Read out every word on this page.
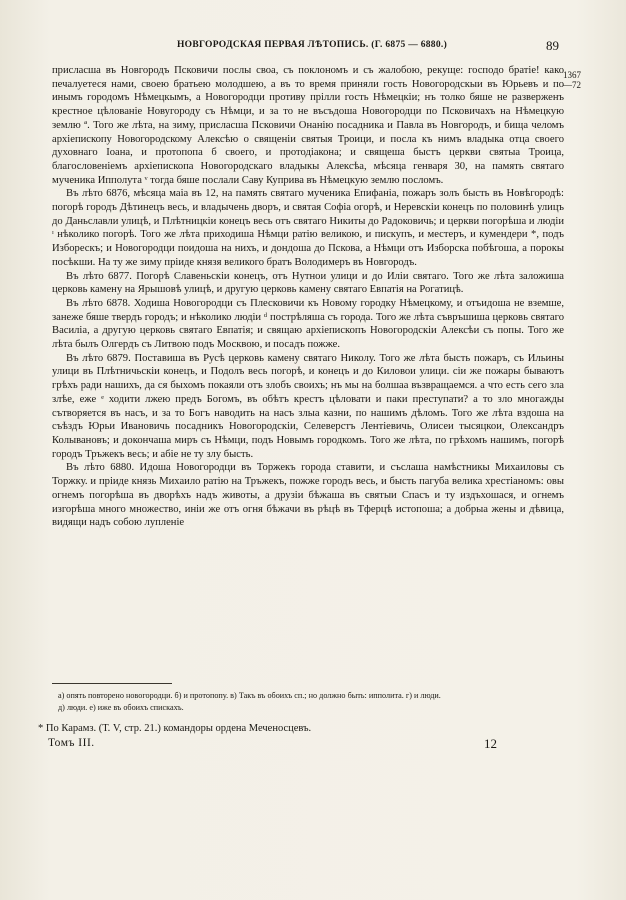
НОВГОРОДСКАЯ ПЕРВАЯ ЛѢТОПИСЬ. (Г. 6875 — 6880.)	89
1367
—72

присласша въ Новгородъ Псковичи послы своа, съ поклономъ и съ жалобою, рекуще: господо братіе! како печалуетеся нами, своею братьею молодшею, а въ то время приняли гость Новогородскыи въ Юрьевъ и по инымъ городомъ Нѣмецкымъ, а Новогородци противу прілли гость Нѣмецкіи; нъ толко бяше не разверженъ крестное цѣлованіе Новугороду съ Нѣмци, и за то не въсъдоша Новогородци по Псковичахъ на Нѣмецкую землю ª. Того же лѣта, на зиму, присласша Псковичи Онанію посадника и Павла въ Новгородъ, и бища челомъ архіепископу Новогородскому Алексѣю о священіи святыя Троици, и посла къ нимъ владыка отца своего духовнаго Іоана, и протопопа б своего, и протодіакона; и свящеша быстъ церкви святыа Троица, благословеніемъ архіепископа Новогородскаго владыкы Алексѣа, мѣсяца генваря 30, на память святаго мученика Ипполута ᵛ тогда бяше послали Саву Куприва въ Нѣмецкую землю посломъ.

Въ лѣто 6876, мѣсяца маіа въ 12, на память святаго мученика Епифаніа, пожаръ золъ бысть въ Новѣгородѣ: погорѣ городъ Дѣтинецъ весь, и владычень дворъ, и святая Софіа огорѣ, и Неревскіи конецъ по половинѣ улицъ до Даньславли улицѣ, и Плѣтницкіи конецъ весь отъ святаго Никиты до Радоковичь; и церкви погорѣша и людіи ᶦ нѣколико погорѣ. Того же лѣта приходиша Нѣмци ратію великою, и пискупъ, и местеръ, и кумендери *, подъ Изборескъ; и Новогородци поидоша на нихъ, и дондоша до Пскова, а Нѣмци отъ Изборска побѣгоша, а порокы посѣкши. На ту же зиму пріиде князя великого братъ Володимеръ въ Новгородъ.

Въ лѣто 6877. Погорѣ Славеньскіи конецъ, отъ Нутнои улици и до Иліи святаго. Того же лѣта заложиша церковь камену на Ярышовѣ улицѣ, и другую церковь камену святаго Евпатія на Рогатицѣ.

Въ лѣто 6878. Ходиша Новогородци съ Плесковичи къ Новому городку Нѣмецкому, и отъидоша не вземше, занеже бяше твердъ городъ; и нѣколико людіи ᵈ пострѣляша съ города. Того же лѣта съвръшиша церковь святаго Василіа, а другую церковь святаго Евпатія; и свящаю архіепископъ Новогородскіи Алексѣи съ попы. Того же лѣта былъ Олгердъ съ Литвою подъ Москвою, и посадъ пожже.

Въ лѣто 6879. Поставиша въ Русѣ церковь камену святаго Николу. Того же лѣта бысть пожаръ, съ Ильины улици въ Плѣтничьскіи конецъ, и Подолъ весь погорѣ, и конецъ и до Киловои улици. сіи же пожары бываютъ грѣхъ ради нашихъ, да ся быхомъ покаяли отъ злобъ своихъ; нъ мы на болшаа възвращаемся. а что есть сего зла злѣе, еже ᵉ ходити лжею предъ Богомъ, въ обѣтъ крестъ цѣловати и паки преступати? а то зло многажды сътворяется въ насъ, и за то Богъ наводить на насъ злыа казни, по нашимъ дѣломъ. Того же лѣта вздоша на съѣздъ Юрьи Ивановичь посадникъ Новогородскіи, Селеверстъ Лентіевичь, Олисеи тысяцкои, Олександръ Колывановъ; и докончаша миръ съ Нѣмци, подъ Новымъ городкомъ. Того же лѣта, по грѣхомъ нашимъ, погорѣ городъ Тръжекъ весь; и абіе не ту злу бысть.

Въ лѣто 6880. Идоша Новогородци въ Торжекъ города ставити, и съслаша намѣстникы Михаиловы съ Торжку. и пріиде князь Михаило ратію на Тръжекъ, пожже городъ весь, и бысть пагуба велика хрестіаномъ: овы огнемъ погорѣша въ дворѣхъ надъ животы, а друзіи бѣжаша въ святыи Спасъ и ту издъхошася, и огнемъ изгорѣша много множество, инiи же отъ огня бѣжачи въ рѣцѣ въ Тферцѣ истопоша; а добрыа жены и дѣвица, видящи надъ собою лупленіе

а) опять повторено новогородци. б) и протопопу. в) Такъ въ обоихъ сп.; но должно быть: ипполита. г) и люди.
д) люди. е) иже въ обоихъ спискахъ.
* По Карамз. (Т. V, стр. 21.) командоры ордена Меченосцевъ.
Томъ III.	12
